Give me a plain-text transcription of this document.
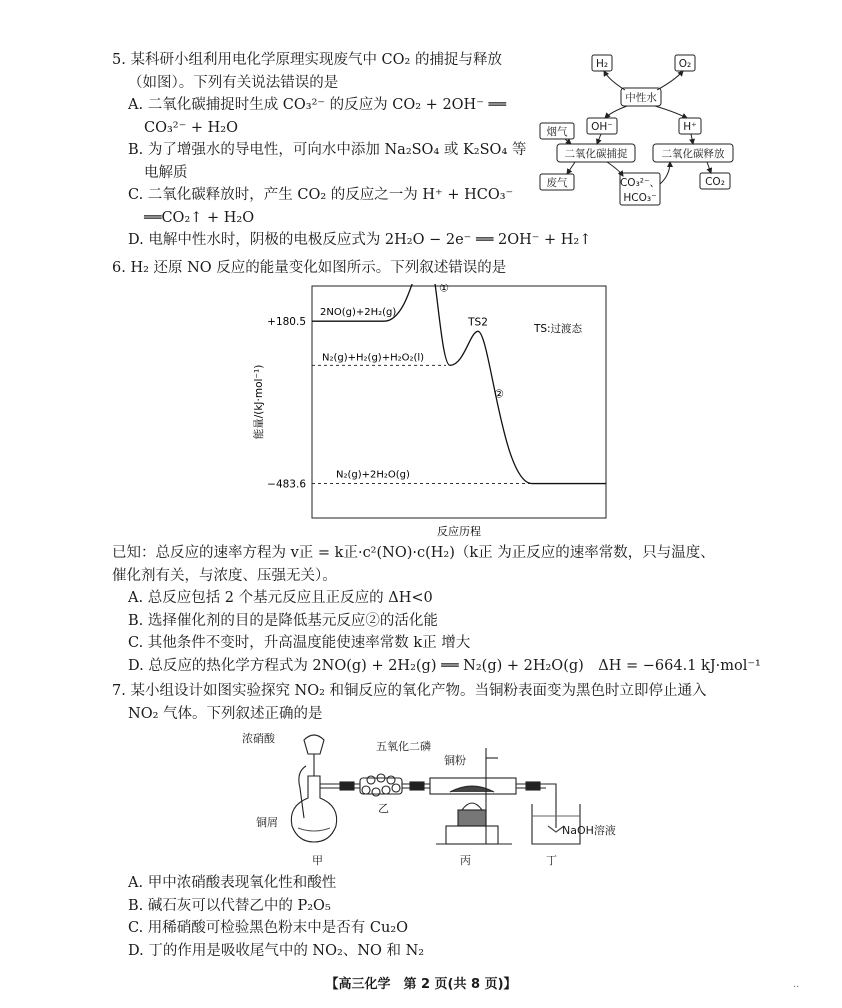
5. 某科研小组利用电化学原理实现废气中 CO₂ 的捕捉与释放
（如图）。下列有关说法错误的是
A. 二氧化碳捕捉时生成 CO₃²⁻ 的反应为 CO₂ + 2OH⁻ ══
CO₃²⁻ + H₂O
B. 为了增强水的导电性，可向水中添加 Na₂SO₄ 或 K₂SO₄ 等
电解质
C. 二氧化碳释放时，产生 CO₂ 的反应之一为 H⁺ + HCO₃⁻
══CO₂↑ + H₂O
D. 电解中性水时，阴极的电极反应式为 2H₂O − 2e⁻ ══ 2OH⁻ + H₂↑
H₂	O₂
中性水
OH⁻	H⁺
烟气
二氧化碳捕捉	二氧化碳释放
废气	CO₃²⁻、
HCO₃⁻
CO₂
6. H₂ 还原 NO 反应的能量变化如图所示。下列叙述错误的是
2NO(g)+2H₂(g)
N₂(g)+H₂(g)+H₂O₂(l)
N₂(g)+2H₂O(g)
+180.5
−483.6
TS2
①
②
反应历程
能量/(kJ·mol⁻¹)
TS:过渡态
已知：总反应的速率方程为 v正 = k正·c²(NO)·c(H₂)（k正 为正反应的速率常数，只与温度、
催化剂有关，与浓度、压强无关）。
A. 总反应包括 2 个基元反应且正反应的 ΔH<0
B. 选择催化剂的目的是降低基元反应②的活化能
C. 其他条件不变时，升高温度能使速率常数 k正 增大
D. 总反应的热化学方程式为 2NO(g) + 2H₂(g) ══ N₂(g) + 2H₂O(g)　ΔH = −664.1 kJ·mol⁻¹
7. 某小组设计如图实验探究 NO₂ 和铜反应的氧化产物。当铜粉表面变为黑色时立即停止通入
NO₂ 气体。下列叙述正确的是
浓硝酸
铜屑
五氧化二磷
铜粉
NaOH溶液
甲
乙
丙	丁
A. 甲中浓硝酸表现氧化性和酸性
B. 碱石灰可以代替乙中的 P₂O₅
C. 用稀硝酸可检验黑色粉末中是否有 Cu₂O
D. 丁的作用是吸收尾气中的 NO₂、NO 和 N₂
【高三化学　第 2 页(共 8 页)】	··
